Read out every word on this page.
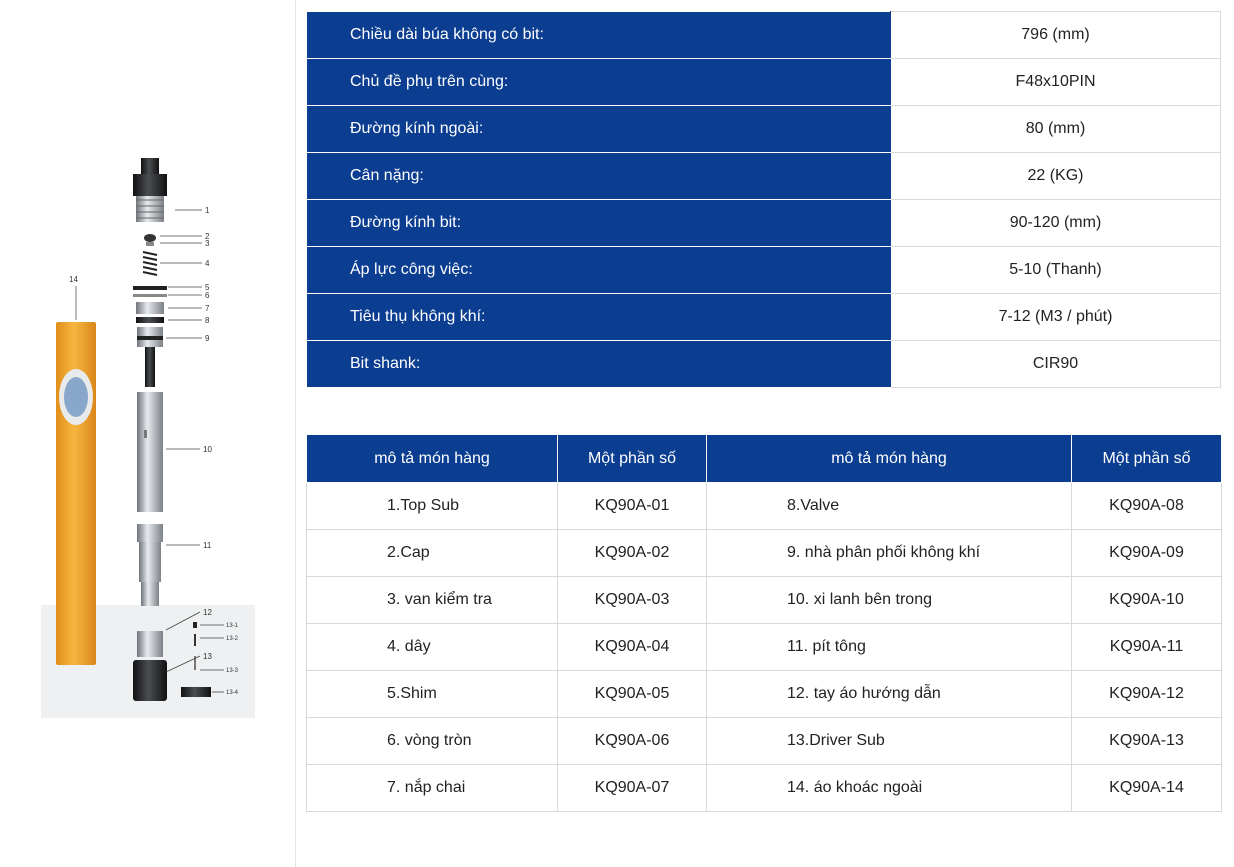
1
2
3
4
5
6
7
8
9
10
11
12
13
14
13-1
13-2
13-3
13-4
Chiều dài búa không có bit:	796 (mm)
Chủ đề phụ trên cùng:	F48x10PIN
Đường kính ngoài:	80 (mm)
Cân nặng:	22 (KG)
Đường kính bit:	90-120 (mm)
Áp lực công việc:	5-10 (Thanh)
Tiêu thụ không khí:	7-12 (M3 / phút)
Bit shank:	CIR90
mô tả món hàng	Một phần số	mô tả món hàng	Một phần số
1.Top Sub	KQ90A-01	8.Valve	KQ90A-08
2.Cap	KQ90A-02	9. nhà phân phối không khí	KQ90A-09
3. van kiểm tra	KQ90A-03	10. xi lanh bên trong	KQ90A-10
4. dây	KQ90A-04	11. pít tông	KQ90A-11
5.Shim	KQ90A-05	12. tay áo hướng dẫn	KQ90A-12
6. vòng tròn	KQ90A-06	13.Driver Sub	KQ90A-13
7. nắp chai	KQ90A-07	14. áo khoác ngoài	KQ90A-14
